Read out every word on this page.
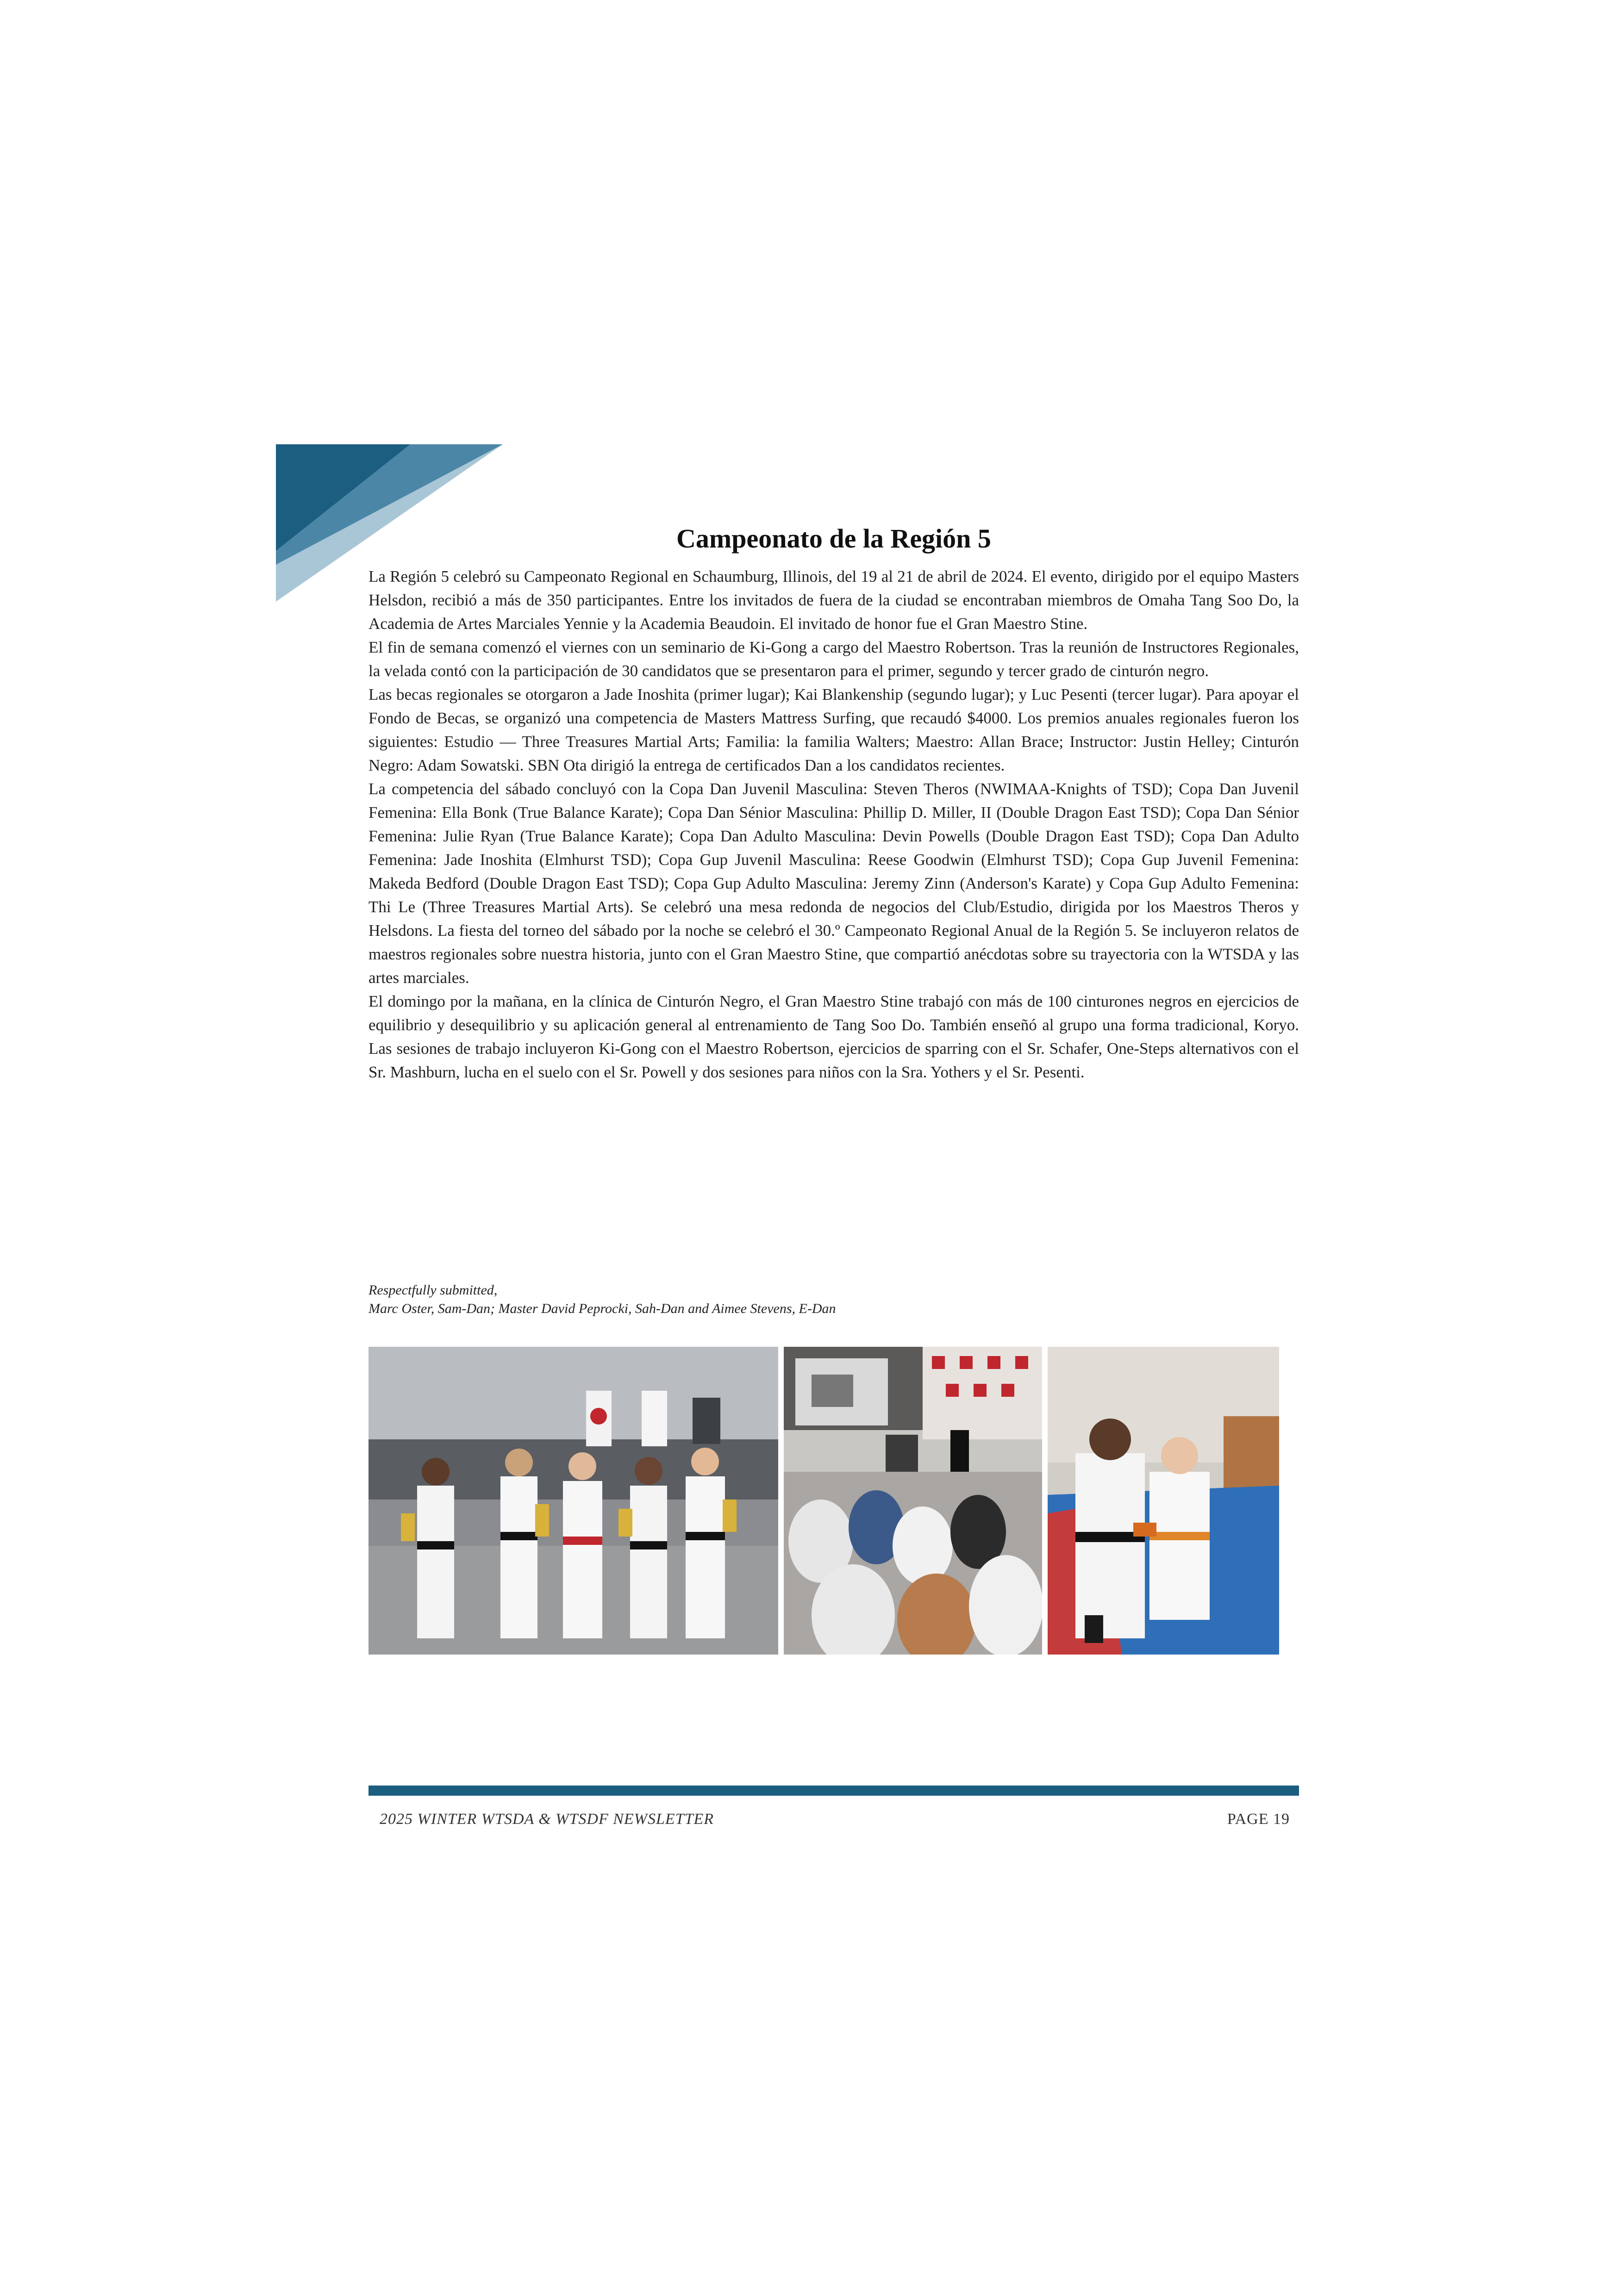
Campeonato de la Región 5

La Región 5 celebró su Campeonato Regional en Schaumburg, Illinois, del 19 al 21 de abril de 2024. El evento, dirigido por el equipo Masters Helsdon, recibió a más de 350 participantes. Entre los invitados de fuera de la ciudad se encontraban miembros de Omaha Tang Soo Do, la Academia de Artes Marciales Yennie y la Academia Beaudoin. El invitado de honor fue el Gran Maestro Stine.

El fin de semana comenzó el viernes con un seminario de Ki-Gong a cargo del Maestro Robertson. Tras la reunión de Instructores Regionales, la velada contó con la participación de 30 candidatos que se presentaron para el primer, segundo y tercer grado de cinturón negro.

Las becas regionales se otorgaron a Jade Inoshita (primer lugar); Kai Blankenship (segundo lugar); y Luc Pesenti (tercer lugar). Para apoyar el Fondo de Becas, se organizó una competencia de Masters Mattress Surfing, que recaudó $4000. Los premios anuales regionales fueron los siguientes: Estudio — Three Treasures Martial Arts; Familia: la familia Walters; Maestro: Allan Brace; Instructor: Justin Helley; Cinturón Negro: Adam Sowatski. SBN Ota dirigió la entrega de certificados Dan a los candidatos recientes.

La competencia del sábado concluyó con la Copa Dan Juvenil Masculina: Steven Theros (NWIMAA-Knights of TSD); Copa Dan Juvenil Femenina: Ella Bonk (True Balance Karate); Copa Dan Sénior Masculina: Phillip D. Miller, II (Double Dragon East TSD); Copa Dan Sénior Femenina: Julie Ryan (True Balance Karate); Copa Dan Adulto Masculina: Devin Powells (Double Dragon East TSD); Copa Dan Adulto Femenina: Jade Inoshita (Elmhurst TSD); Copa Gup Juvenil Masculina: Reese Goodwin (Elmhurst TSD); Copa Gup Juvenil Femenina: Makeda Bedford (Double Dragon East TSD); Copa Gup Adulto Masculina: Jeremy Zinn (Anderson's Karate) y Copa Gup Adulto Femenina: Thi Le (Three Treasures Martial Arts). Se celebró una mesa redonda de negocios del Club/Estudio, dirigida por los Maestros Theros y Helsdons. La fiesta del torneo del sábado por la noche se celebró el 30.º Campeonato Regional Anual de la Región 5. Se incluyeron relatos de maestros regionales sobre nuestra historia, junto con el Gran Maestro Stine, que compartió anécdotas sobre su trayectoria con la WTSDA y las artes marciales.

El domingo por la mañana, en la clínica de Cinturón Negro, el Gran Maestro Stine trabajó con más de 100 cinturones negros en ejercicios de equilibrio y desequilibrio y su aplicación general al entrenamiento de Tang Soo Do. También enseñó al grupo una forma tradicional, Koryo. Las sesiones de trabajo incluyeron Ki-Gong con el Maestro Robertson, ejercicios de sparring con el Sr. Schafer, One-Steps alternativos con el Sr. Mashburn, lucha en el suelo con el Sr. Powell y dos sesiones para niños con la Sra. Yothers y el Sr. Pesenti.

Respectfully submitted,
Marc Oster, Sam-Dan; Master David Peprocki, Sah-Dan and Aimee Stevens, E-Dan
2025 WINTER WTSDA & WTSDF NEWSLETTER	PAGE 19
